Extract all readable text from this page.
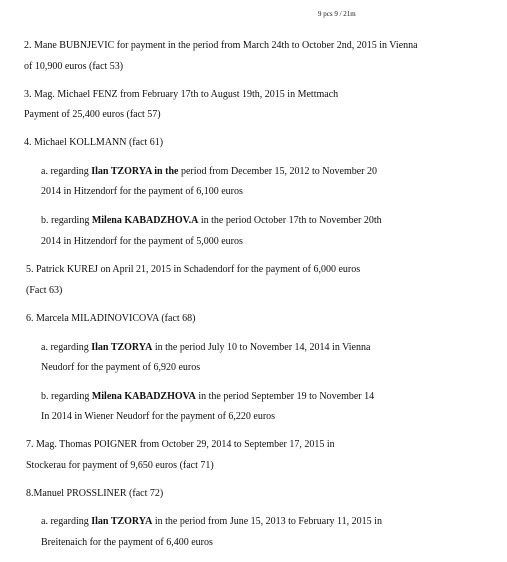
9 pcs 9 / 21m
2. Mane BUBNJEVIC for payment in the period from March 24th to October 2nd, 2015 in Vienna
of 10,900 euros (fact 53)
3. Mag. Michael FENZ from February 17th to August 19th, 2015 in Mettmach
Payment of 25,400 euros (fact 57)
4. Michael KOLLMANN (fact 61)
a. regarding Ilan TZORYA in the period from December 15, 2012 to November 20
2014 in Hitzendorf for the payment of 6,100 euros
b. regarding Milena KABADZHOV.A in the period October 17th to November 20th
2014 in Hitzendorf for the payment of 5,000 euros
5. Patrick KUREJ on April 21, 2015 in Schadendorf for the payment of 6,000 euros
(Fact 63)
6. Marcela MILADINOVICOVA (fact 68)
a. regarding Ilan TZORYA in the period July 10 to November 14, 2014 in Vienna
Neudorf for the payment of 6,920 euros
b. regarding Milena KABADZHOVA in the period September 19 to November 14
In 2014 in Wiener Neudorf for the payment of 6,220 euros
7. Mag. Thomas POIGNER from October 29, 2014 to September 17, 2015 in
Stockerau for payment of 9,650 euros (fact 71)
8.Manuel PROSSLINER (fact 72)
a. regarding Ilan TZORYA in the period from June 15, 2013 to February 11, 2015 in
Breitenaich for the payment of 6,400 euros
